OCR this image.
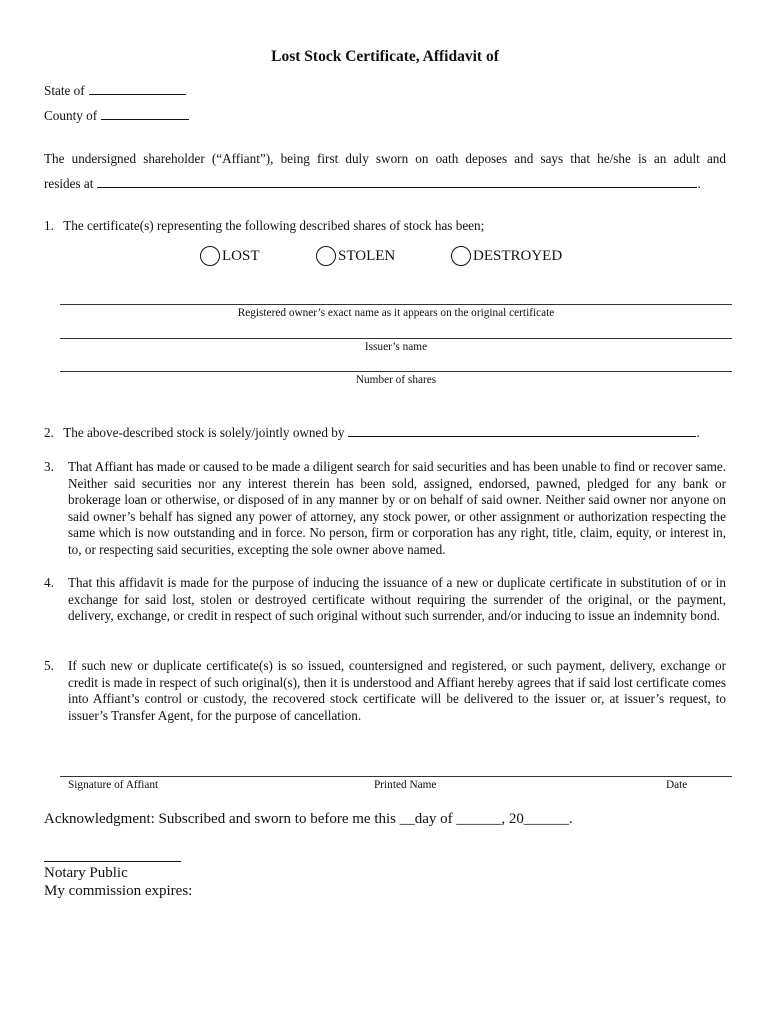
Lost Stock Certificate, Affidavit of
State of
County of
The undersigned shareholder (“Affiant”), being first duly sworn on oath deposes and says that he/she is an adult and
resides at	.
1. The certificate(s) representing the following described shares of stock has been;
LOST	STOLEN	DESTROYED
Registered owner’s exact name as it appears on the original certificate
Issuer’s name
Number of shares
2. The above-described stock is solely/jointly owned by	.
3. That Affiant has made or caused to be made a diligent search for said securities and has been unable to find or recover same. Neither said securities nor any interest therein has been sold, assigned, endorsed, pawned, pledged for any bank or brokerage loan or otherwise, or disposed of in any manner by or on behalf of said owner. Neither said owner nor anyone on said owner’s behalf has signed any power of attorney, any stock power, or other assignment or authorization respecting the same which is now outstanding and in force. No person, firm or corporation has any right, title, claim, equity, or interest in, to, or respecting said securities, excepting the sole owner above named.
4. That this affidavit is made for the purpose of inducing the issuance of a new or duplicate certificate in substitution of or in exchange for said lost, stolen or destroyed certificate without requiring the surrender of the original, or the payment, delivery, exchange, or credit in respect of such original without such surrender, and/or inducing to issue an indemnity bond.
5. If such new or duplicate certificate(s) is so issued, countersigned and registered, or such payment, delivery, exchange or credit is made in respect of such original(s), then it is understood and Affiant hereby agrees that if said lost certificate comes into Affiant’s control or custody, the recovered stock certificate will be delivered to the issuer or, at issuer’s request, to issuer’s Transfer Agent, for the purpose of cancellation.
Signature of Affiant	Printed Name	Date
Acknowledgment: Subscribed and sworn to before me this __day of ______, 20______.
Notary Public
My commission expires:
